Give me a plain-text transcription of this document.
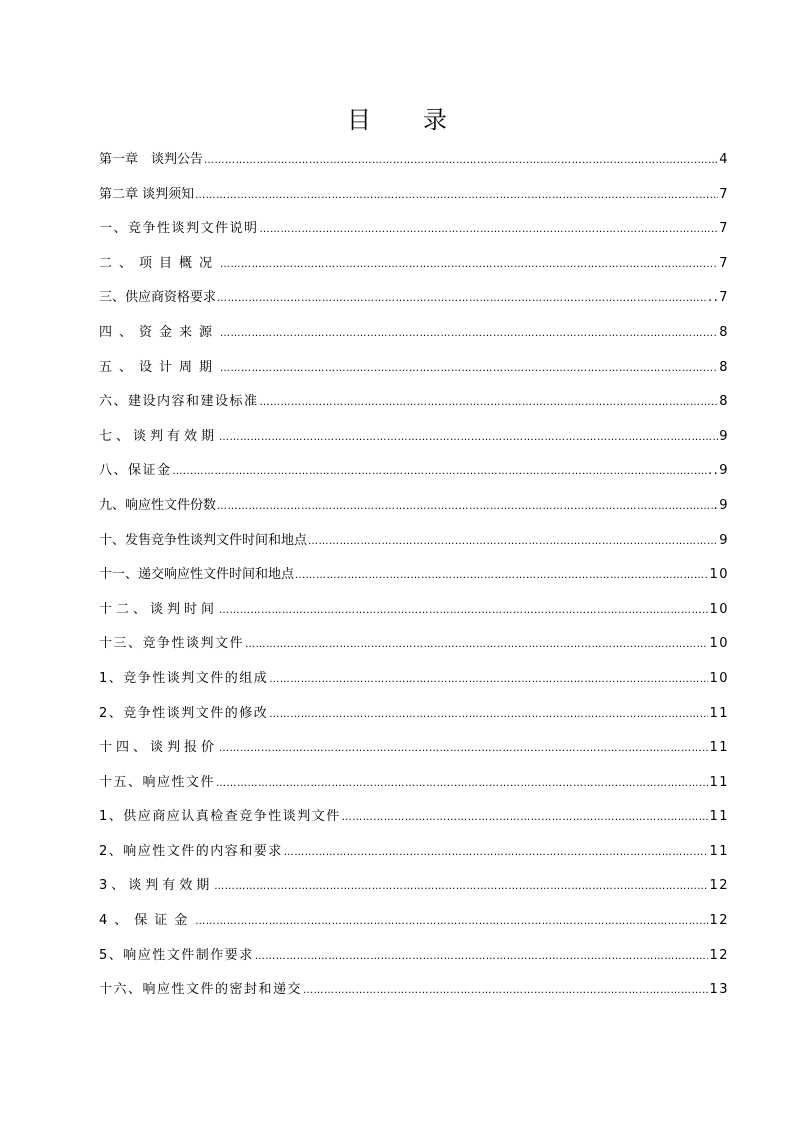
目 录
第一章　谈判公告 …………………………………………………………………………………………………………………………………………………………………………	4
第二章 谈判须知 …………………………………………………………………………………………………………………………………………………………………………	7
一、竞争性谈判文件说明 …………………………………………………………………………………………………………………………………………………………………………	7
二、项目概况 …………………………………………………………………………………………………………………………………………………………………………	7
三、供应商资格要求 …………………………………………………………………………………………………………………………………………………………………………	..7
四、资金来源 …………………………………………………………………………………………………………………………………………………………………………	8
五、设计周期 …………………………………………………………………………………………………………………………………………………………………………	8
六、建设内容和建设标准 …………………………………………………………………………………………………………………………………………………………………………	8
七、谈判有效期 …………………………………………………………………………………………………………………………………………………………………………	9
八、保证金 …………………………………………………………………………………………………………………………………………………………………………	..9
九、响应性文件份数 …………………………………………………………………………………………………………………………………………………………………………	.9
十、发售竞争性谈判文件时间和地点 …………………………………………………………………………………………………………………………………………………………………………	9
十一、递交响应性文件时间和地点 …………………………………………………………………………………………………………………………………………………………………………	10
十二、谈判时间 …………………………………………………………………………………………………………………………………………………………………………	10
十三、竞争性谈判文件 …………………………………………………………………………………………………………………………………………………………………………	10
1、竞争性谈判文件的组成 …………………………………………………………………………………………………………………………………………………………………………	10
2、竞争性谈判文件的修改 …………………………………………………………………………………………………………………………………………………………………………	11
十四、谈判报价 …………………………………………………………………………………………………………………………………………………………………………	11
十五、响应性文件 …………………………………………………………………………………………………………………………………………………………………………	11
1、供应商应认真检查竞争性谈判文件 …………………………………………………………………………………………………………………………………………………………………………	11
2、响应性文件的内容和要求 …………………………………………………………………………………………………………………………………………………………………………	11
3、谈判有效期 …………………………………………………………………………………………………………………………………………………………………………	12
4、保证金 …………………………………………………………………………………………………………………………………………………………………………	12
5、响应性文件制作要求 …………………………………………………………………………………………………………………………………………………………………………	12
十六、响应性文件的密封和递交 …………………………………………………………………………………………………………………………………………………………………………	13
